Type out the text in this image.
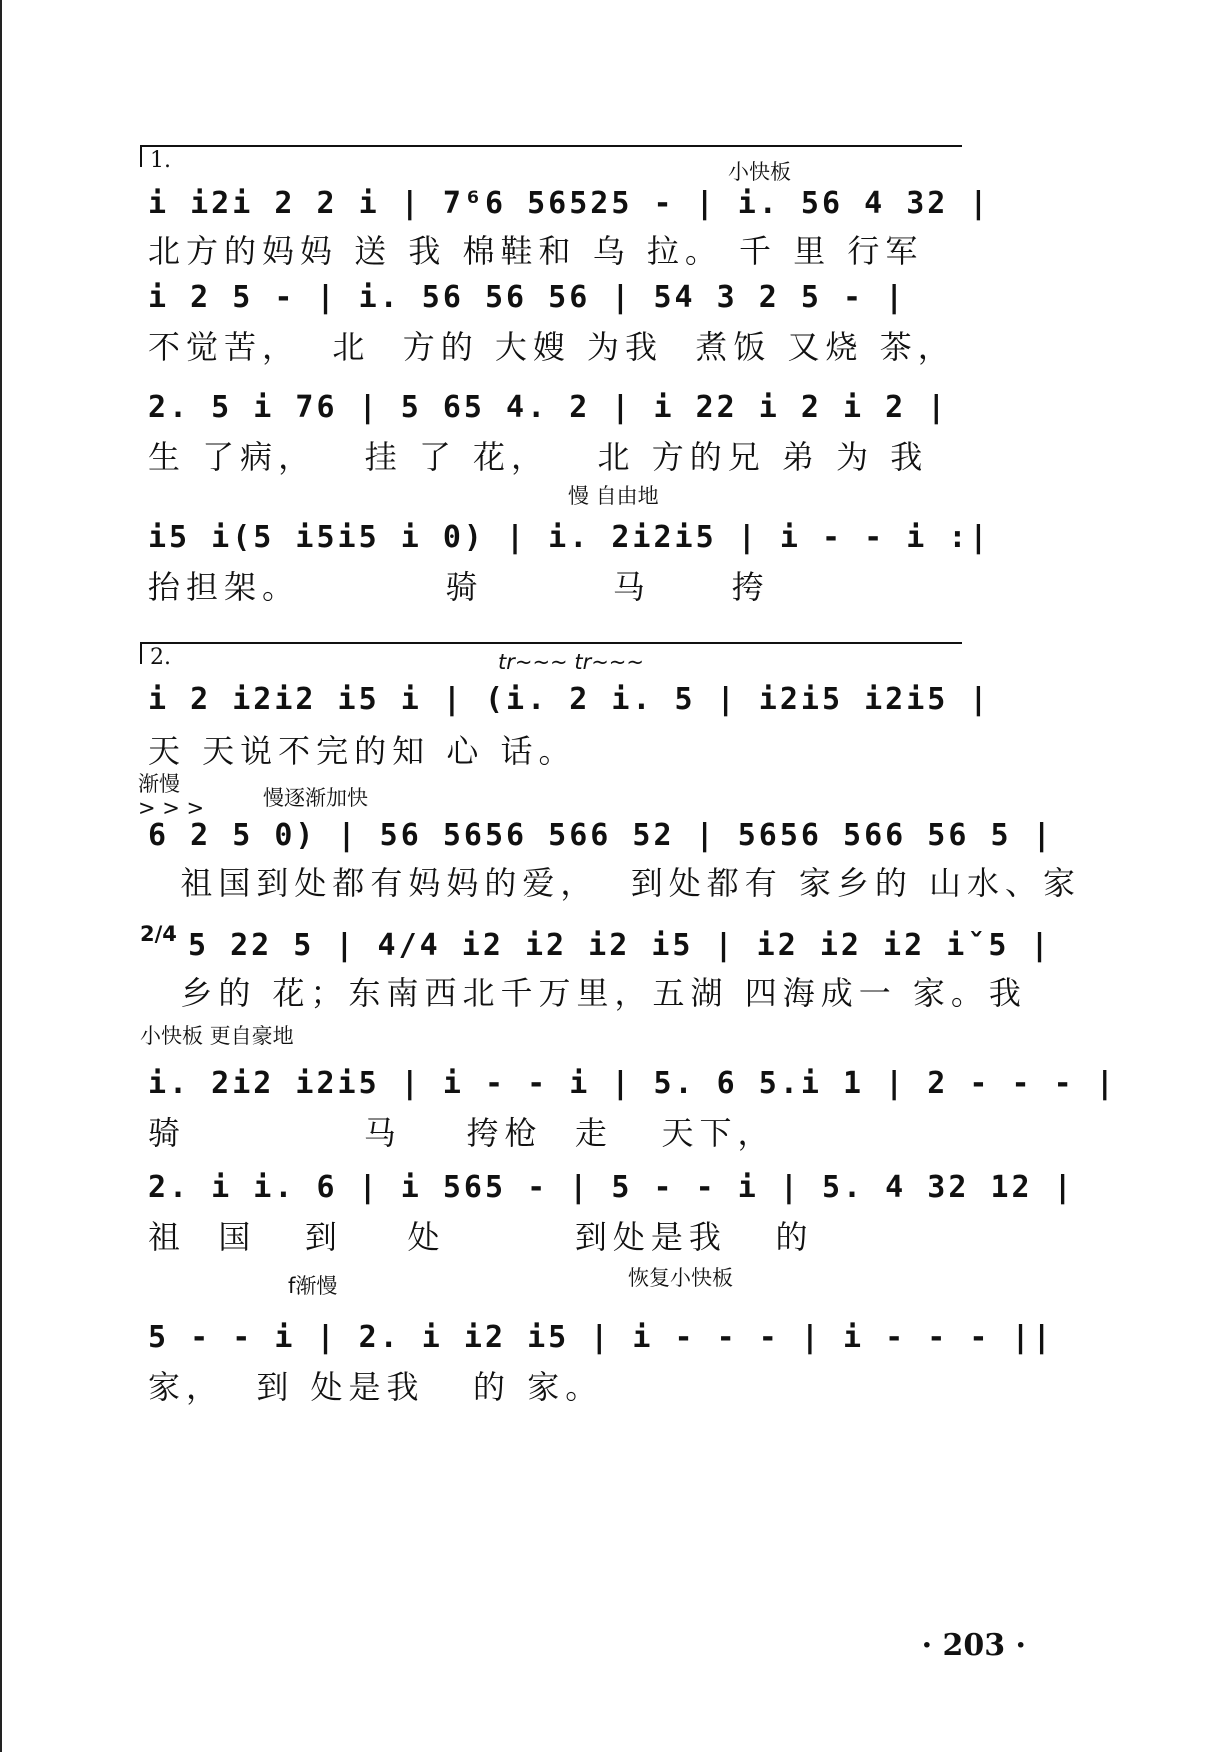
1.	小快板
i i2i 2 2 i | 7⁶6 56525 - | i. 56 4 32 |
北方的妈妈 送 我 棉鞋和 乌 拉。 千 里 行军
i 2 5 - | i. 56 56 56 | 54 3 2 5 - |
不觉苦，  北  方的 大嫂 为我  煮饭 又烧 茶，
2. 5 i 76 | 5 65 4. 2 | i 22 i 2 i 2 |
生 了病，   挂 了 花，   北 方的兄 弟 为 我
慢 自由地
i5 i(5 i5i5 i 0) | i. 2i2i5 | i - - i :|
抬担架。         骑        马     挎
2.	tr~~~ tr~~~
i 2 i2i2 i5 i | (i. 2 i. 5 | i2i5 i2i5 |
天 天说不完的知 心 话。
渐慢
> > >	慢逐渐加快
6 2 5 0) | 56 5656 566 52 | 5656 566 56 5 |
祖国到处都有妈妈的爱，  到处都有 家乡的 山水、家
2/4 5 22 5 | 4/4 i2 i2 i2 i5 | i2 i2 i2 iˇ5 |
乡的 花；东南西北千万里，五湖 四海成一 家。我
小快板 更自豪地
i. 2i2 i2i5 | i - - i | 5. 6 5.i 1 | 2 - - - |
骑           马    挎枪  走   天下，
2. i i. 6 | i 565 - | 5 - - i | 5. 4 32 12 |
祖  国   到    处        到处是我   的
f渐慢	恢复小快板
5 - - i | 2. i i2 i5 | i - - - | i - - - ||
家，  到 处是我   的 家。
· 203 ·
